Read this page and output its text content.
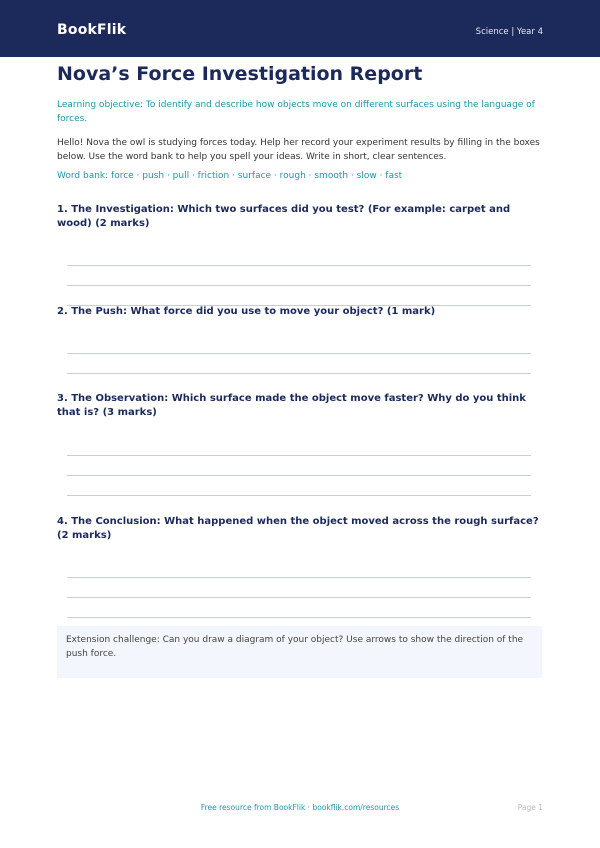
BookFlik	Science | Year 4
Nova’s Force Investigation Report
Learning objective: To identify and describe how objects move on different surfaces using the language of forces.
Hello! Nova the owl is studying forces today. Help her record your experiment results by filling in the boxes below. Use the word bank to help you spell your ideas. Write in short, clear sentences.
Word bank: force · push · pull · friction · surface · rough · smooth · slow · fast
1. The Investigation: Which two surfaces did you test? (For example: carpet and wood) (2 marks)
2. The Push: What force did you use to move your object? (1 mark)
3. The Observation: Which surface made the object move faster? Why do you think that is? (3 marks)
4. The Conclusion: What happened when the object moved across the rough surface? (2 marks)
Extension challenge: Can you draw a diagram of your object? Use arrows to show the direction of the push force.
Free resource from BookFlik · bookflik.com/resources	Page 1
